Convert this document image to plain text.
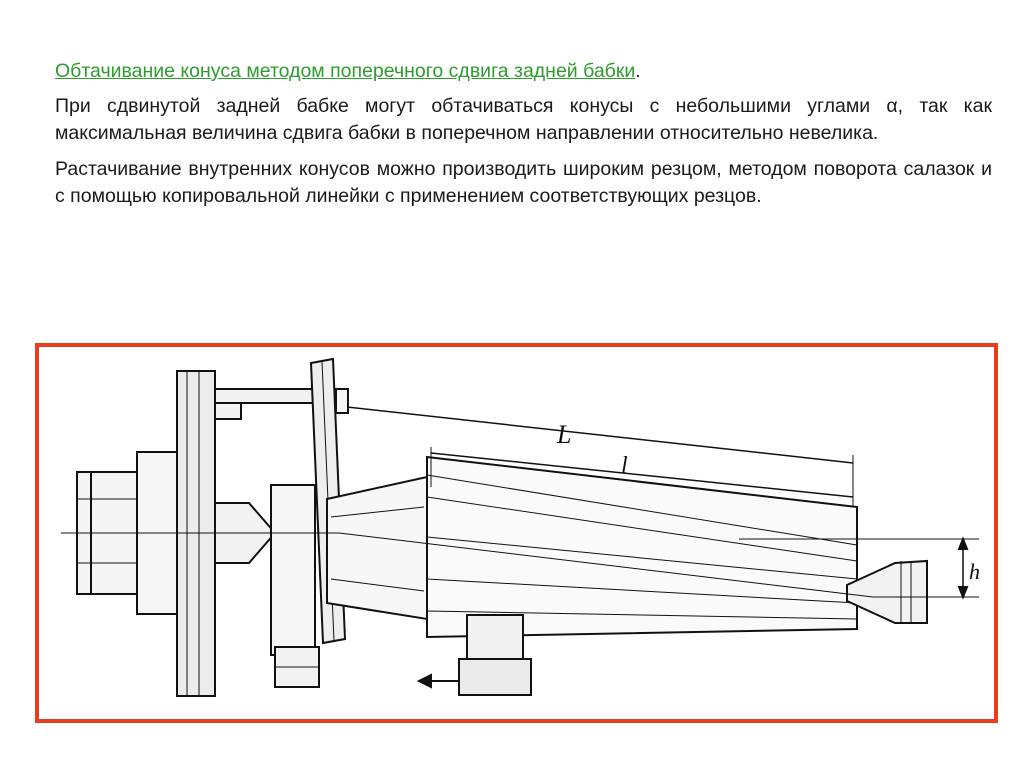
Обтачивание конуса методом поперечного сдвига задней бабки.

При сдвинутой задней бабке могут обтачиваться конусы с небольшими углами α, так как максимальная величина сдвига бабки в поперечном направлении относительно невелика.

Растачивание внутренних конусов можно производить широким резцом, методом поворота салазок и с помощью копировальной линейки с применением соответствующих резцов.

L
l
h
